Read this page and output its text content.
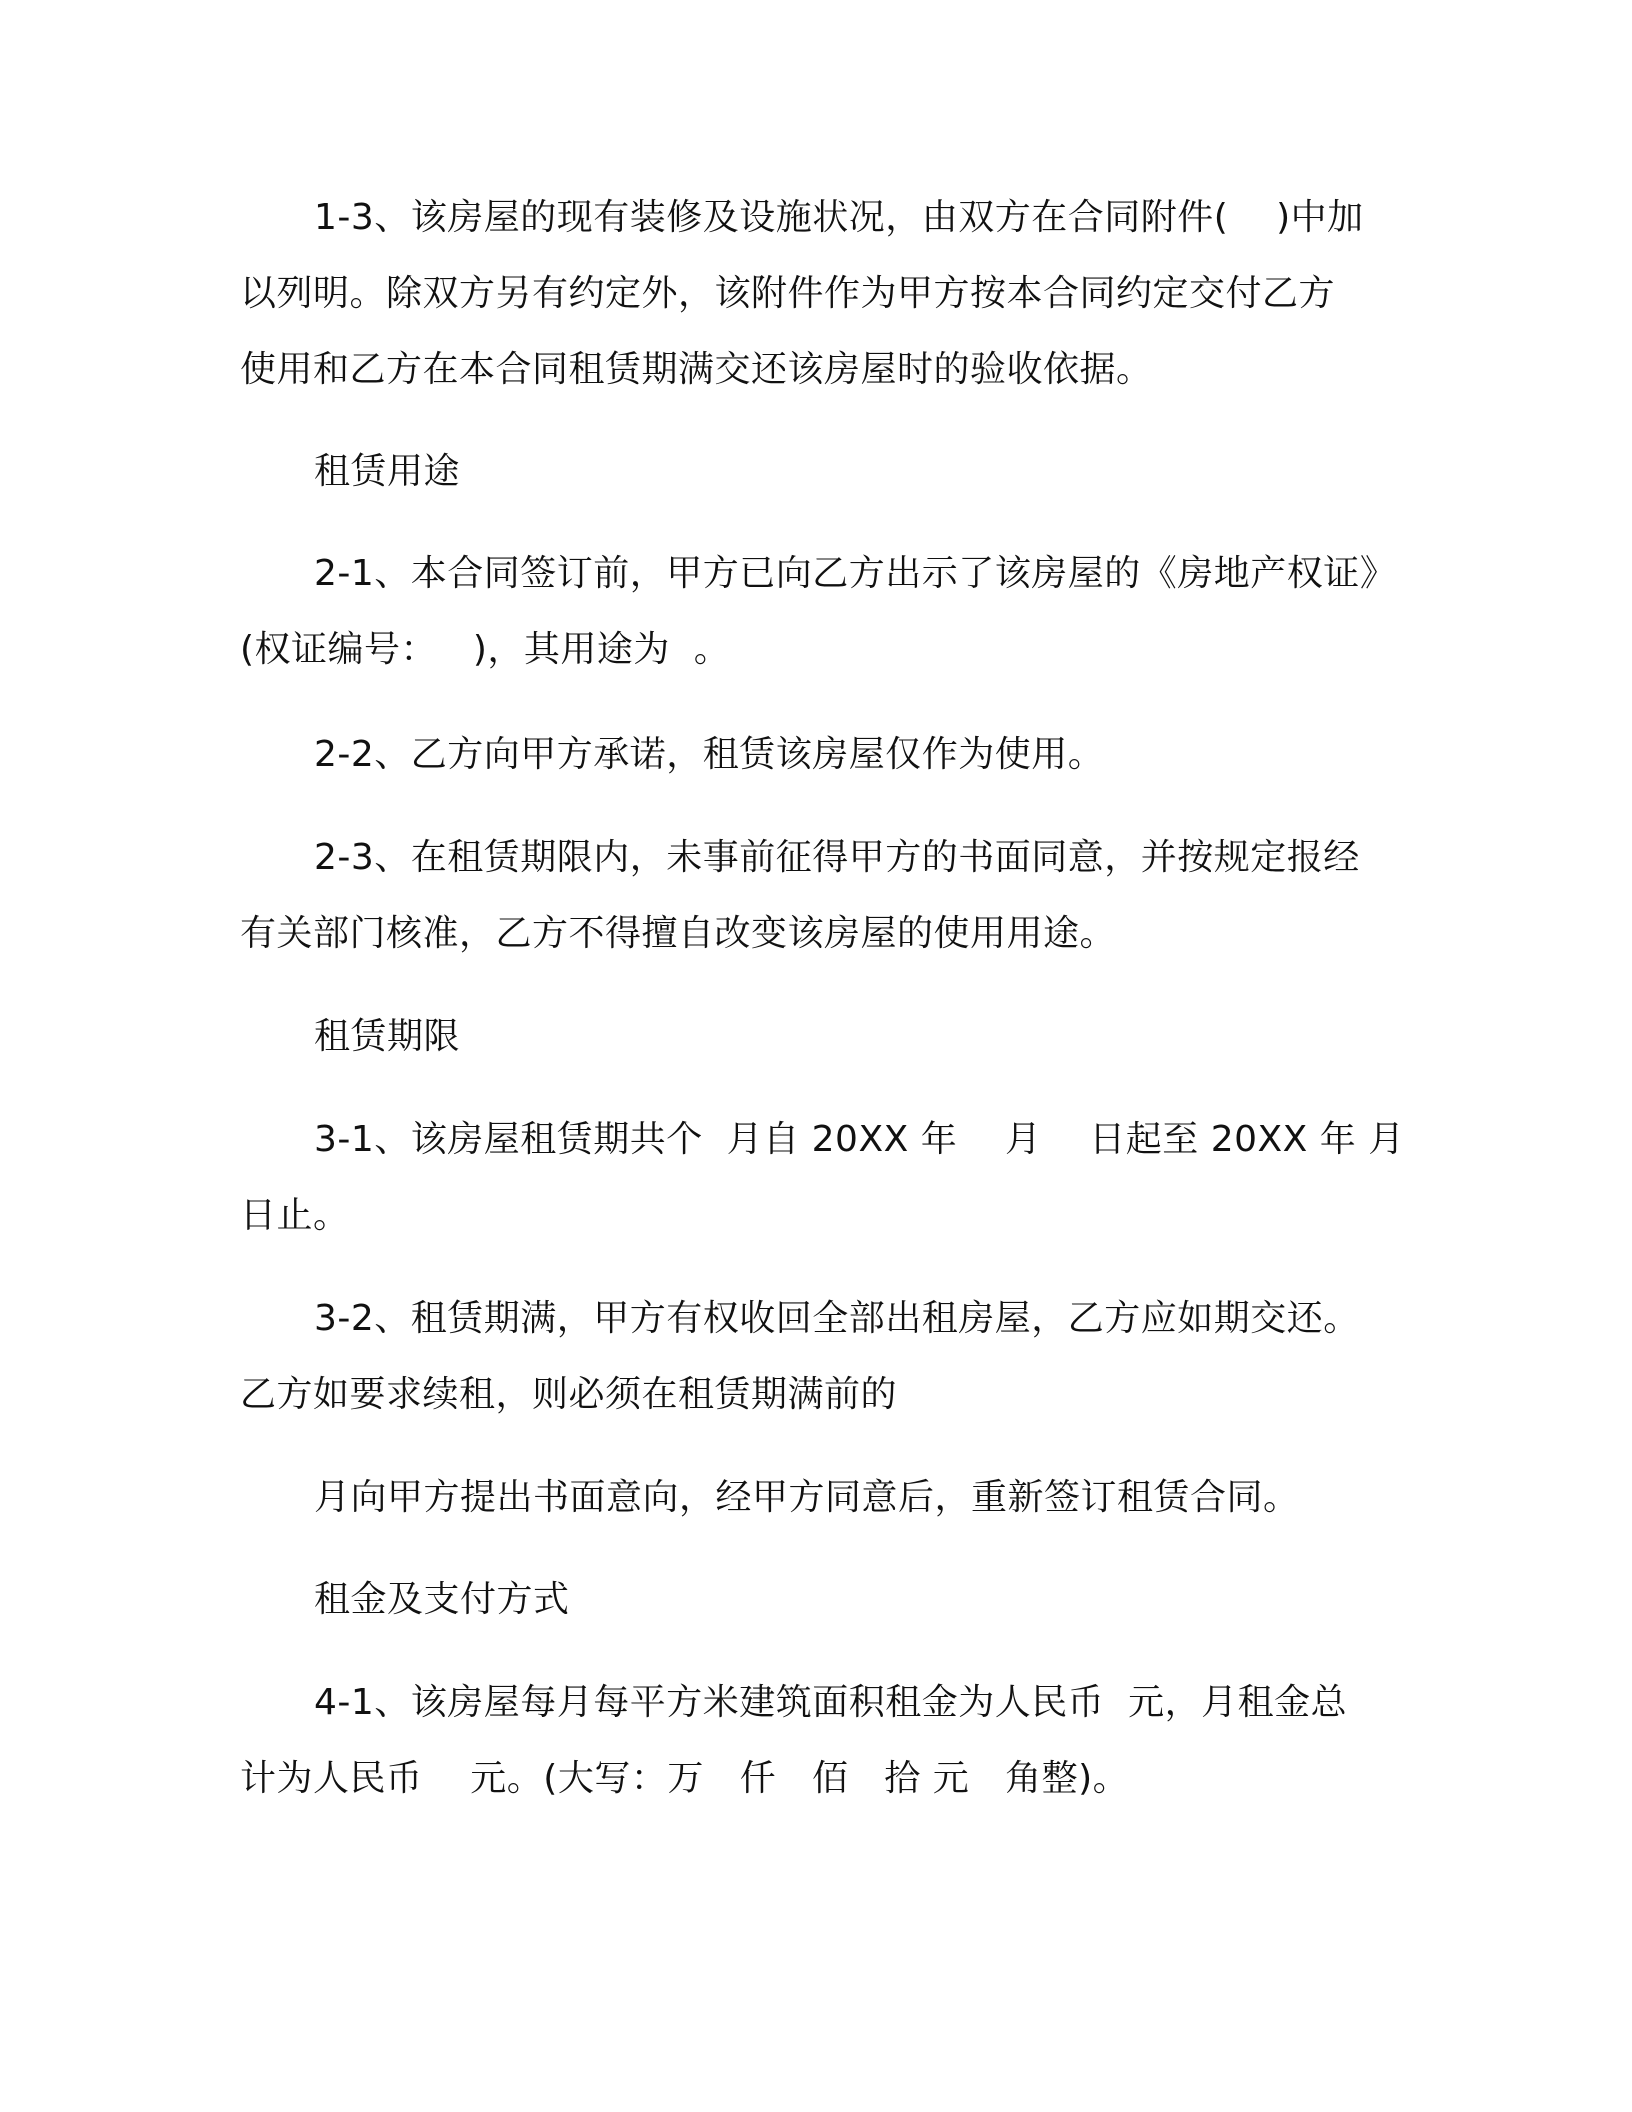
1-3、该房屋的现有装修及设施状况，由双方在合同附件(    )中加
以列明。除双方另有约定外，该附件作为甲方按本合同约定交付乙方
使用和乙方在本合同租赁期满交还该房屋时的验收依据。
租赁用途
2-1、本合同签订前，甲方已向乙方出示了该房屋的《房地产权证》
(权证编号：   )，其用途为  。
2-2、乙方向甲方承诺，租赁该房屋仅作为使用。
2-3、在租赁期限内，未事前征得甲方的书面同意，并按规定报经
有关部门核准，乙方不得擅自改变该房屋的使用用途。
租赁期限
3-1、该房屋租赁期共个  月自 20XX 年    月    日起至 20XX 年 月
日止。
3-2、租赁期满，甲方有权收回全部出租房屋，乙方应如期交还。
乙方如要求续租，则必须在租赁期满前的
月向甲方提出书面意向，经甲方同意后，重新签订租赁合同。
租金及支付方式
4-1、该房屋每月每平方米建筑面积租金为人民币  元，月租金总
计为人民币    元。(大写：万   仟   佰   拾 元   角整)。
